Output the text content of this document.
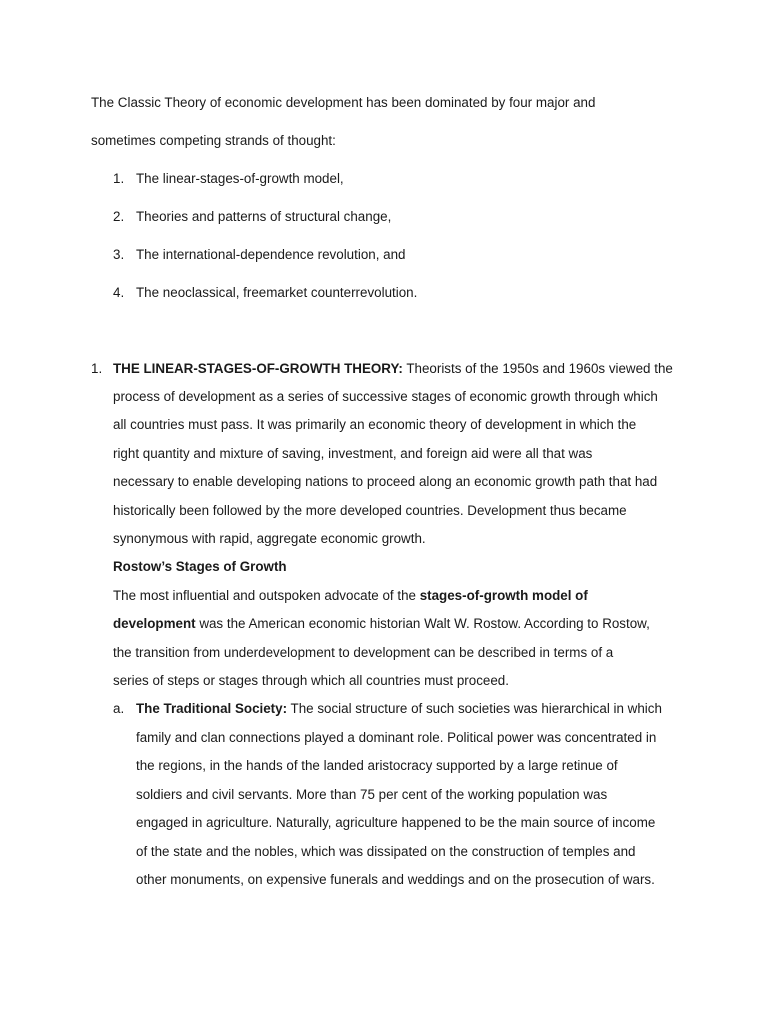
The Classic Theory of economic development has been dominated by four major and
sometimes competing strands of thought:
1. The linear-stages-of-growth model,
2. Theories and patterns of structural change,
3. The international-dependence revolution, and
4. The neoclassical, freemarket counterrevolution.
1. THE LINEAR-STAGES-OF-GROWTH THEORY: Theorists of the 1950s and 1960s viewed the
process of development as a series of successive stages of economic growth through which
all countries must pass. It was primarily an economic theory of development in which the
right quantity and mixture of saving, investment, and foreign aid were all that was
necessary to enable developing nations to proceed along an economic growth path that had
historically been followed by the more developed countries. Development thus became
synonymous with rapid, aggregate economic growth.
Rostow’s Stages of Growth
The most influential and outspoken advocate of the stages-of-growth model of
development was the American economic historian Walt W. Rostow. According to Rostow,
the transition from underdevelopment to development can be described in terms of a
series of steps or stages through which all countries must proceed.
a. The Traditional Society: The social structure of such societies was hierarchical in which
family and clan connections played a dominant role. Political power was concentrated in
the regions, in the hands of the landed aristocracy supported by a large retinue of
soldiers and civil servants. More than 75 per cent of the working population was
engaged in agriculture. Naturally, agriculture happened to be the main source of income
of the state and the nobles, which was dissipated on the construction of temples and
other monuments, on expensive funerals and weddings and on the prosecution of wars.
